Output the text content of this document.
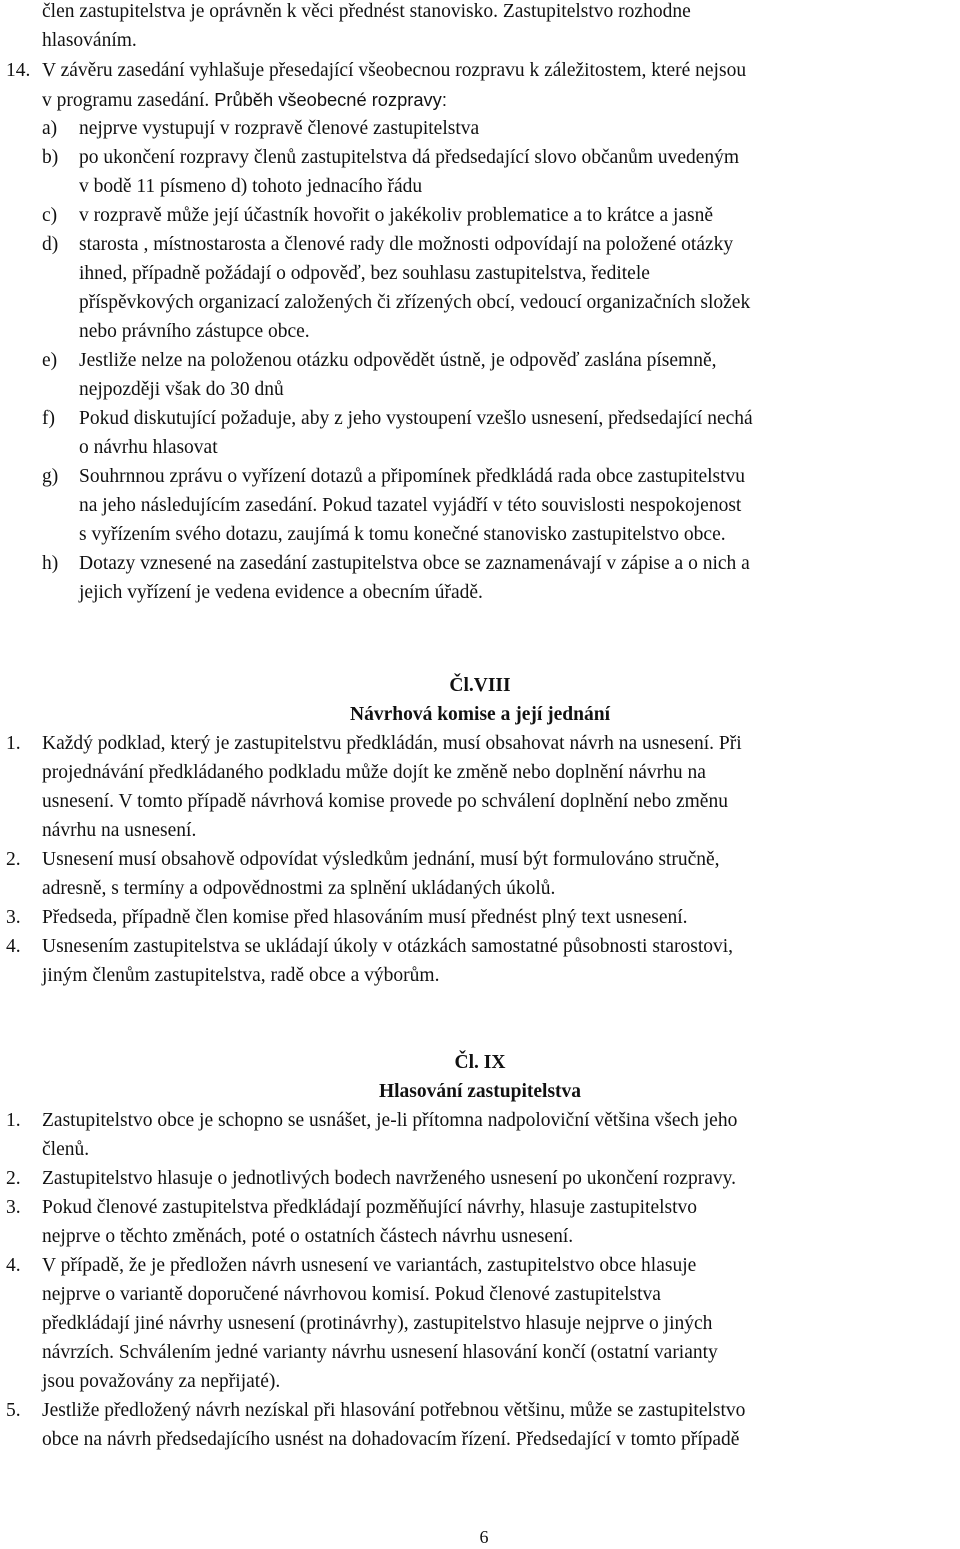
člen zastupitelstva je oprávněn k věci přednést stanovisko. Zastupitelstvo rozhodne
hlasováním.
14. V závěru zasedání vyhlašuje přesedající všeobecnou rozpravu k záležitostem, které nejsou
v programu zasedání. Průběh všeobecné rozpravy:
a) nejprve vystupují v rozpravě členové zastupitelstva
b) po ukončení rozpravy členů zastupitelstva dá předsedající slovo občanům uvedeným
v bodě 11 písmeno d) tohoto jednacího řádu
c) v rozpravě může její účastník hovořit o jakékoliv problematice a to krátce a jasně
d) starosta , místnostarosta a členové rady dle možnosti odpovídají na položené otázky
ihned, případně požádají o odpověď, bez souhlasu zastupitelstva, ředitele
příspěvkových organizací založených či zřízených obcí, vedoucí organizačních složek
nebo právního zástupce obce.
e) Jestliže nelze na položenou otázku odpovědět ústně, je odpověď zaslána písemně,
nejpozději však do 30 dnů
f) Pokud diskutující požaduje, aby z jeho vystoupení vzešlo usnesení, předsedající nechá
o návrhu hlasovat
g) Souhrnnou zprávu o vyřízení dotazů a připomínek předkládá rada obce zastupitelstvu
na jeho následujícím zasedání. Pokud tazatel vyjádří v této souvislosti nespokojenost
s vyřízením svého dotazu, zaujímá k tomu konečné stanovisko zastupitelstvo obce.
h) Dotazy vznesené na zasedání zastupitelstva obce se zaznamenávají v zápise a o nich a
jejich vyřízení je vedena evidence a obecním úřadě.
Čl.VIII
Návrhová komise a její jednání
1. Každý podklad, který je zastupitelstvu předkládán, musí obsahovat návrh na usnesení. Při
projednávání předkládaného podkladu může dojít ke změně nebo doplnění návrhu na
usnesení. V tomto případě návrhová komise provede po schválení doplnění nebo změnu
návrhu na usnesení.
2. Usnesení musí obsahově odpovídat výsledkům jednání, musí být formulováno stručně,
adresně, s termíny a odpovědnostmi za splnění ukládaných úkolů.
3. Předseda, případně člen komise před hlasováním musí přednést plný text usnesení.
4. Usnesením zastupitelstva se ukládají úkoly v otázkách samostatné působnosti starostovi,
jiným členům zastupitelstva, radě obce a výborům.
Čl. IX
Hlasování zastupitelstva
1. Zastupitelstvo obce je schopno se usnášet, je-li přítomna nadpoloviční většina všech jeho
členů.
2. Zastupitelstvo hlasuje o jednotlivých bodech navrženého usnesení po ukončení rozpravy.
3. Pokud členové zastupitelstva předkládají pozměňující návrhy, hlasuje zastupitelstvo
nejprve o těchto změnách, poté o ostatních částech návrhu usnesení.
4. V případě, že je předložen návrh usnesení ve variantách, zastupitelstvo obce hlasuje
nejprve o variantě doporučené návrhovou komisí. Pokud členové zastupitelstva
předkládají jiné návrhy usnesení (protinávrhy), zastupitelstvo hlasuje nejprve o jiných
návrzích. Schválením jedné varianty návrhu usnesení hlasování končí (ostatní varianty
jsou považovány za nepřijaté).
5. Jestliže předložený návrh nezískal při hlasování potřebnou většinu, může se zastupitelstvo
obce na návrh předsedajícího usnést na dohadovacím řízení. Předsedající v tomto případě
6
